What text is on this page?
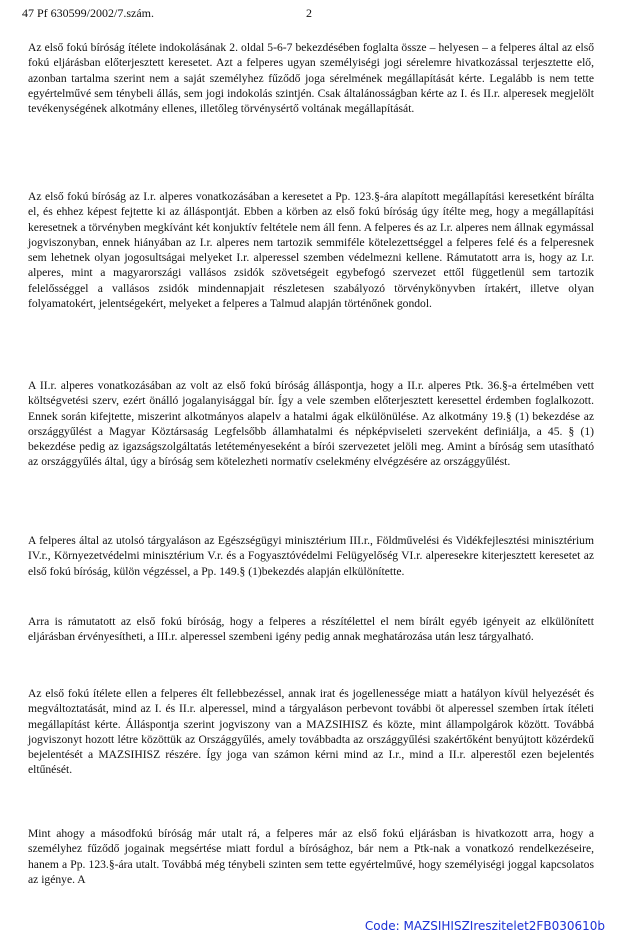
47 Pf 630599/2002/7.szám.	2

Az első fokú bíróság ítélete indokolásának 2. oldal 5-6-7 bekezdésében foglalta össze – helyesen – a felperes által az első fokú eljárásban előterjesztett keresetet. Azt a felperes ugyan személyiségi jogi sérelemre hivatkozással terjesztette elő, azonban tartalma szerint nem a saját személyhez fűződő joga sérelmének megállapítását kérte. Legalább is nem tette egyértelművé sem ténybeli állás, sem jogi indokolás szintjén. Csak általánosságban kérte az I. és II.r. alperesek megjelölt tevékenységének alkotmány ellenes, illetőleg törvénysértő voltának megállapítását.

Az első fokú bíróság az I.r. alperes vonatkozásában a keresetet a Pp. 123.§-ára alapított megállapítási keresetként bírálta el, és ehhez képest fejtette ki az álláspontját. Ebben a körben az első fokú bíróság úgy ítélte meg, hogy a megállapítási keresetnek a törvényben megkívánt két konjuktív feltétele nem áll fenn. A felperes és az I.r. alperes nem állnak egymással jogviszonyban, ennek hiányában az I.r. alperes nem tartozik semmiféle kötelezettséggel a felperes felé és a felperesnek sem lehetnek olyan jogosultságai melyeket I.r. alperessel szemben védelmezni kellene. Rámutatott arra is, hogy az I.r. alperes, mint a magyarországi vallásos zsidók szövetségeit egybefogó szervezet ettől függetlenül sem tartozik felelősséggel a vallásos zsidók mindennapjait részletesen szabályozó törvénykönyvben írtakért, illetve olyan folyamatokért, jelentségekért, melyeket a felperes a Talmud alapján történőnek gondol.

A II.r. alperes vonatkozásában az volt az első fokú bíróság álláspontja, hogy a II.r. alperes Ptk. 36.§-a értelmében vett költségvetési szerv, ezért önálló jogalanyisággal bír. Így a vele szemben előterjesztett keresettel érdemben foglalkozott. Ennek során kifejtette, miszerint alkotmányos alapelv a hatalmi ágak elkülönülése. Az alkotmány 19.§ (1) bekezdése az országgyűlést a Magyar Köztársaság Legfelsőbb államhatalmi és népképviseleti szerveként definiálja, a 45. § (1) bekezdése pedig az igazságszolgáltatás letéteményeseként a bírói szervezetet jelöli meg. Amint a bíróság sem utasítható az országgyűlés által, úgy a bíróság sem kötelezheti normatív cselekmény elvégzésére az országgyűlést.

A felperes által az utolsó tárgyaláson az Egészségügyi minisztérium III.r., Földművelési és Vidékfejlesztési minisztérium IV.r., Környezetvédelmi minisztérium V.r. és a Fogyasztóvédelmi Felügyelőség VI.r. alperesekre kiterjesztett keresetet az első fokú bíróság, külön végzéssel, a Pp. 149.§ (1)bekezdés alapján elkülönítette.

Arra is rámutatott az első fokú bíróság, hogy a felperes a részítélettel el nem bírált egyéb igényeit az elkülönített eljárásban érvényesítheti, a III.r. alperessel szembeni igény pedig annak meghatározása után lesz tárgyalható.

Az első fokú ítélete ellen a felperes élt fellebbezéssel, annak irat és jogellenessége miatt a hatályon kívül helyezését és megváltoztatását, mind az I. és II.r. alperessel, mind a tárgyaláson perbevont további öt alperessel szemben írtak ítéleti megállapítást kérte. Álláspontja szerint jogviszony van a MAZSIHISZ és közte, mint állampolgárok között. Továbbá jogviszonyt hozott létre közöttük az Országgyűlés, amely továbbadta az országgyűlési szakértőként benyújtott közérdekű bejelentését a MAZSIHISZ részére. Így joga van számon kérni mind az I.r., mind a II.r. alperestől ezen bejelentés eltűnését.

Mint ahogy a másodfokú bíróság már utalt rá, a felperes már az első fokú eljárásban is hivatkozott arra, hogy a személyhez fűződő jogainak megsértése miatt fordul a bírósághoz, bár nem a Ptk-nak a vonatkozó rendelkezéseire, hanem a Pp. 123.§-ára utalt. Továbbá még ténybeli szinten sem tette egyértelművé, hogy személyiségi joggal kapcsolatos az igénye. A

Code: MAZSIHISZIreszitelet2FB030610b
